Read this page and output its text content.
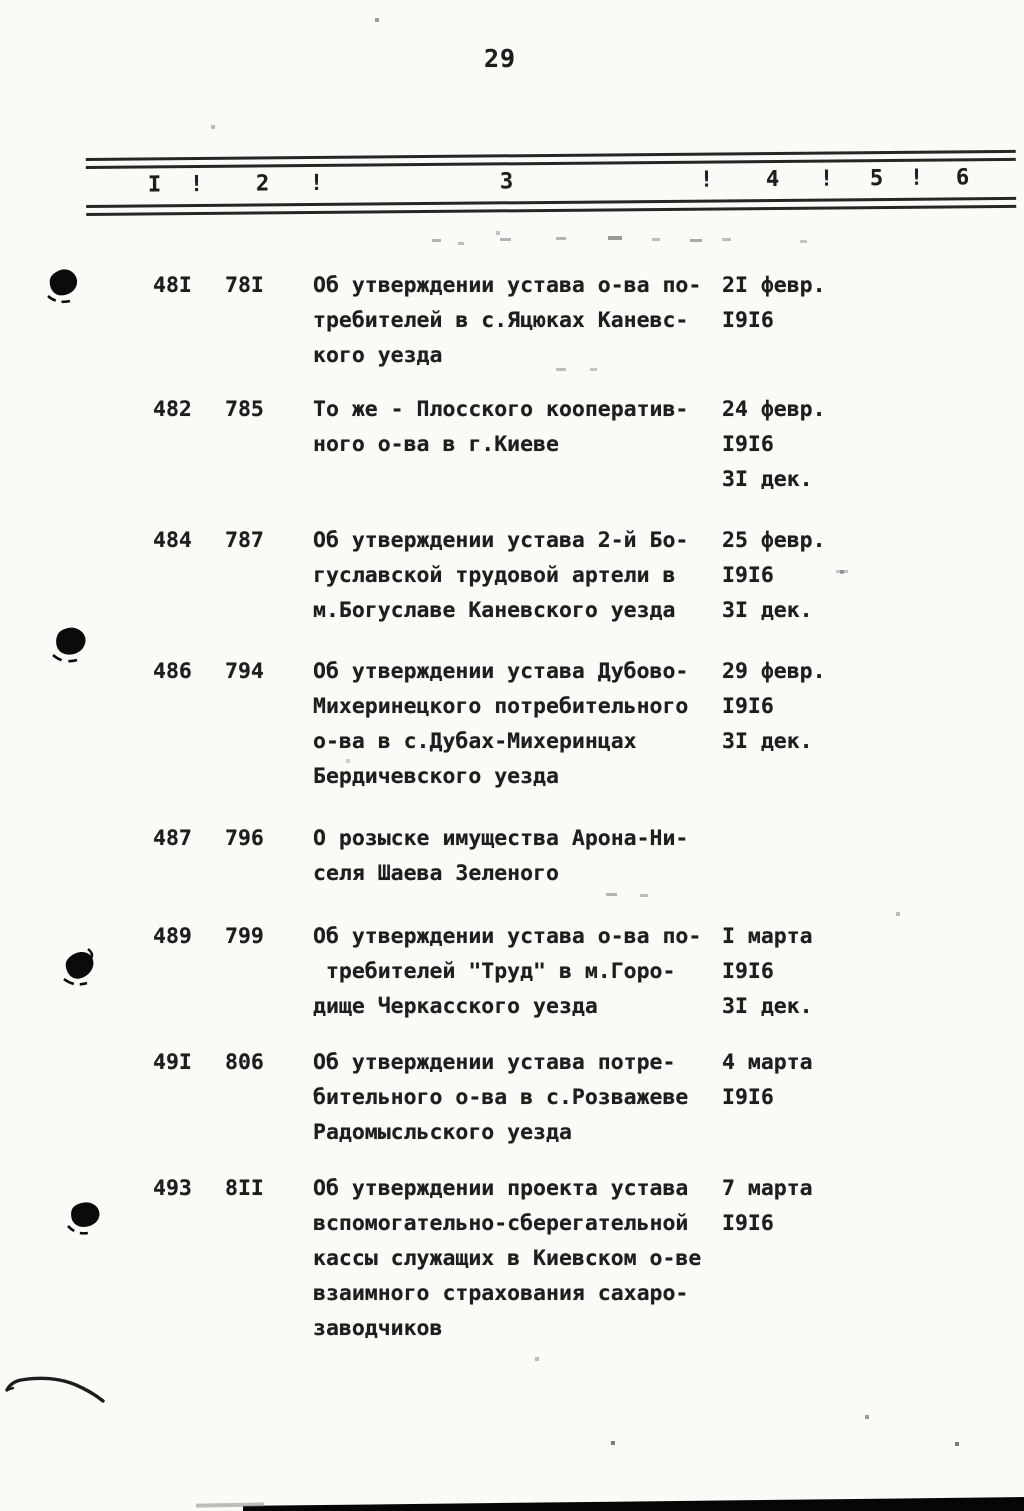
29
I ! 2 !	3	! 4 ! 5 ! 6
48I	78I	Об утверждении устава о-ва по-
требителей в с.Яцюках Каневс-
кого уезда
2I февр.
I9I6
482	785	То же - Плосского кооператив-
ного о-ва в г.Киеве
24 февр.
I9I6
3I дек.
484	787	Об утверждении устава 2-й Бо-
гуславской трудовой артели в
м.Богуславе Каневского уезда
25 февр.
I9I6
3I дек.
486	794	Об утверждении устава Дубово-
Михеринецкого потребительного
о-ва в с.Дубах-Михеринцах
Бердичевского уезда
29 февр.
I9I6
3I дек.
487	796	О розыске имущества Арона-Ни-
селя Шаева Зеленого
489	799	Об утверждении устава о-ва по-
требителей "Труд" в м.Горо-
дище Черкасского уезда
I марта
I9I6
3I дек.
49I	806	Об утверждении устава потре-
бительного о-ва в с.Розважеве
Радомысльского уезда
4 марта
I9I6
493	8II	Об утверждении проекта устава
вспомогательно-сберегательной
кассы служащих в Киевском о-ве
взаимного страхования сахаро-
заводчиков
7 марта
I9I6
